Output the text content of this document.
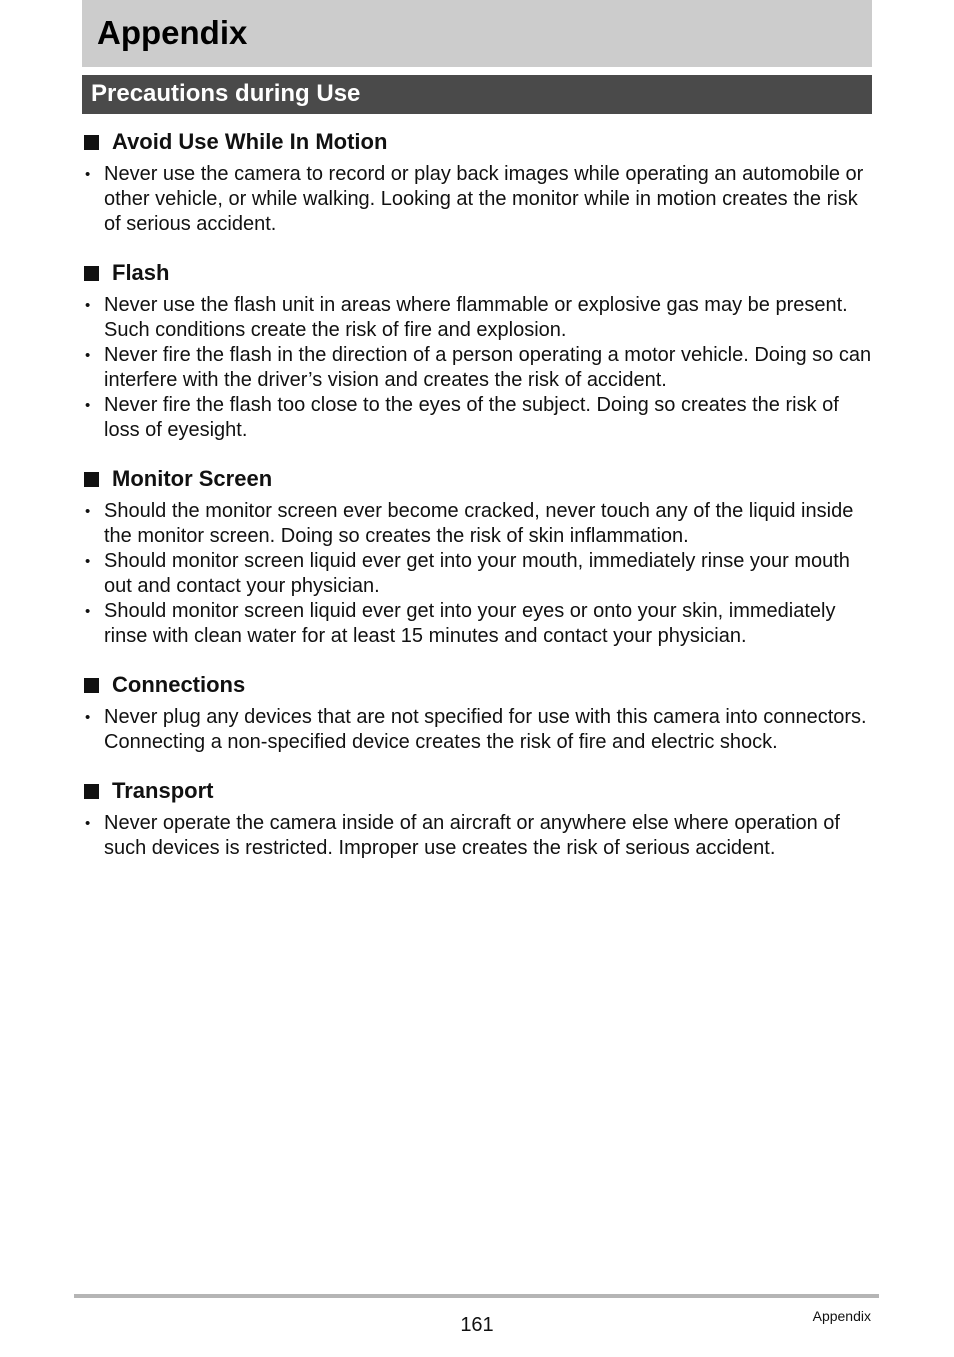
Appendix
Precautions during Use
Avoid Use While In Motion
• Never use the camera to record or play back images while operating an automobile or other vehicle, or while walking. Looking at the monitor while in motion creates the risk of serious accident.
Flash
• Never use the flash unit in areas where flammable or explosive gas may be present. Such conditions create the risk of fire and explosion.
• Never fire the flash in the direction of a person operating a motor vehicle. Doing so can interfere with the driver’s vision and creates the risk of accident.
• Never fire the flash too close to the eyes of the subject. Doing so creates the risk of loss of eyesight.
Monitor Screen
• Should the monitor screen ever become cracked, never touch any of the liquid inside the monitor screen. Doing so creates the risk of skin inflammation.
• Should monitor screen liquid ever get into your mouth, immediately rinse your mouth out and contact your physician.
• Should monitor screen liquid ever get into your eyes or onto your skin, immediately rinse with clean water for at least 15 minutes and contact your physician.
Connections
• Never plug any devices that are not specified for use with this camera into connectors. Connecting a non-specified device creates the risk of fire and electric shock.
Transport
• Never operate the camera inside of an aircraft or anywhere else where operation of such devices is restricted. Improper use creates the risk of serious accident.
161	Appendix
